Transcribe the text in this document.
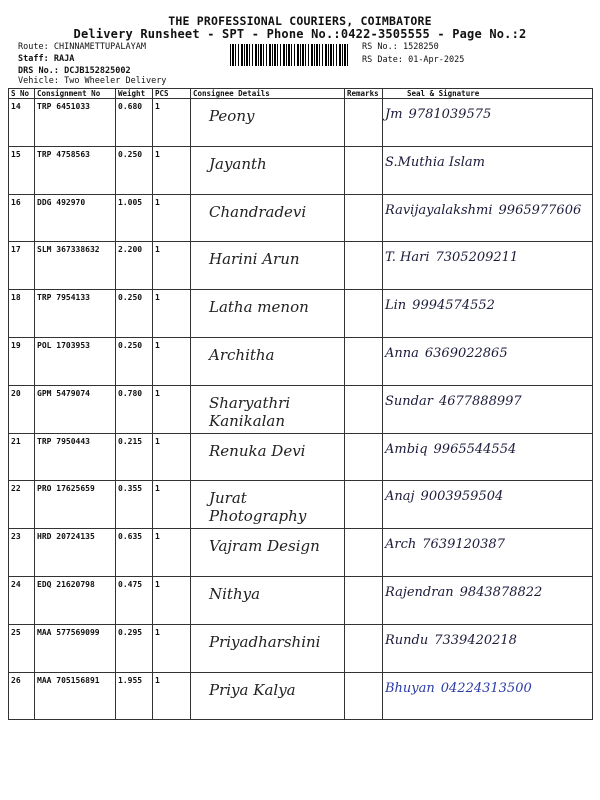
THE PROFESSIONAL COURIERS, COIMBATORE
Delivery Runsheet - SPT - Phone No.:0422-3505555 - Page No.:2
Route: CHINNAMETTUPALAYAM
Staff: RAJA
DRS No.: DCJB152825002
Vehicle: Two Wheeler Delivery
RS No.: 1528250
RS Date: 01-Apr-2025
S No	Consignment No	Weight	PCS	Consignee Details	Remarks	Seal & Signature
14	TRP 6451033	0.680	1	Peony		Jm 9781039575
15	TRP 4758563	0.250	1	Jayanth		S.Muthia Islam
16	DDG 492970	1.005	1	Chandradevi		Ravijayalakshmi 9965977606
17	SLM 367338632	2.200	1	Harini Arun		T. Hari 7305209211
18	TRP 7954133	0.250	1	Latha menon		Lin 9994574552
19	POL 1703953	0.250	1	Architha		Anna 6369022865
20	GPM 5479074	0.780	1	Sharyathri Kanikalan		Sundar 4677888997
21	TRP 7950443	0.215	1	Renuka Devi		Ambiq 9965544554
22	PRO 17625659	0.355	1	Jurat Photography		Anaj 9003959504
23	HRD 20724135	0.635	1	Vajram Design		Arch 7639120387
24	EDQ 21620798	0.475	1	Nithya		Rajendran 9843878822
25	MAA 577569099	0.295	1	Priyadharshini		Rundu 7339420218
26	MAA 705156891	1.955	1	Priya Kalya		Bhuyan 04224313500
